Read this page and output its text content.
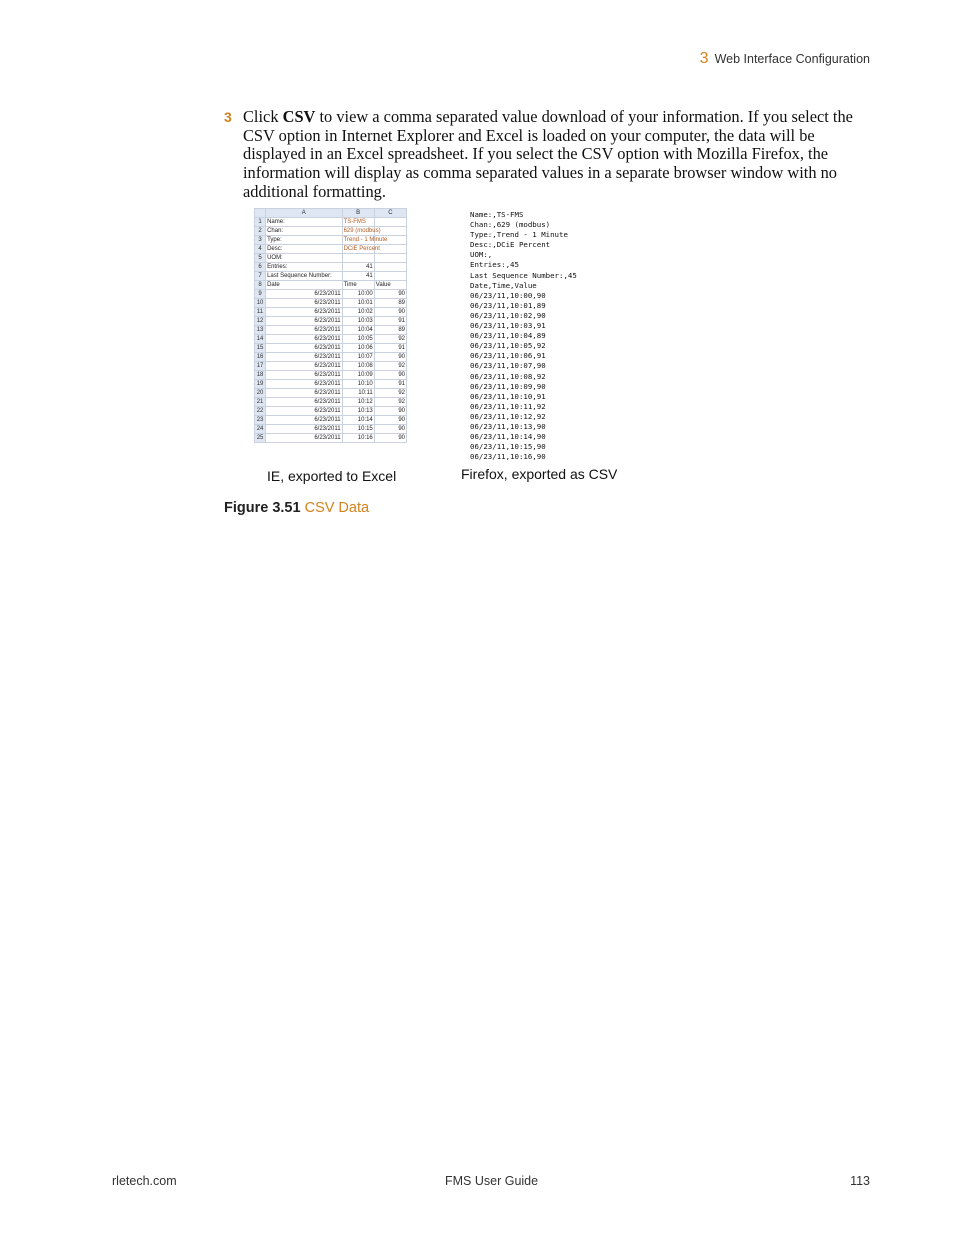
3 Web Interface Configuration
3 Click CSV to view a comma separated value download of your information. If you select the CSV option in Internet Explorer and Excel is loaded on your computer, the data will be displayed in an Excel spreadsheet. If you select the CSV option with Mozilla Firefox, the information will display as comma separated values in a separate browser window with no additional formatting.
	A	B	C
1	Name:	TS-FMS	
2	Chan:	629 (modbus)	
3	Type:	Trend - 1 Minute	
4	Desc:	DCiE Percent	
5	UOM:		
6	Entries:	41	
7	Last Sequence Number:	41	
8	Date	Time	Value
9	6/23/2011	10:00	90
10	6/23/2011	10:01	89
11	6/23/2011	10:02	90
12	6/23/2011	10:03	91
13	6/23/2011	10:04	89
14	6/23/2011	10:05	92
15	6/23/2011	10:06	91
16	6/23/2011	10:07	90
17	6/23/2011	10:08	92
18	6/23/2011	10:09	90
19	6/23/2011	10:10	91
20	6/23/2011	10:11	92
21	6/23/2011	10:12	92
22	6/23/2011	10:13	90
23	6/23/2011	10:14	90
24	6/23/2011	10:15	90
25	6/23/2011	10:16	90
Name:,TS-FMS
Chan:,629 (modbus)
Type:,Trend - 1 Minute
Desc:,DCiE Percent
UOM:,
Entries:,45
Last Sequence Number:,45
Date,Time,Value
06/23/11,10:00,90
06/23/11,10:01,89
06/23/11,10:02,90
06/23/11,10:03,91
06/23/11,10:04,89
06/23/11,10:05,92
06/23/11,10:06,91
06/23/11,10:07,90
06/23/11,10:08,92
06/23/11,10:09,90
06/23/11,10:10,91
06/23/11,10:11,92
06/23/11,10:12,92
06/23/11,10:13,90
06/23/11,10:14,90
06/23/11,10:15,90
06/23/11,10:16,90
IE, exported to Excel	Firefox, exported as CSV
Figure 3.51 CSV Data
rletech.com	FMS User Guide	113
